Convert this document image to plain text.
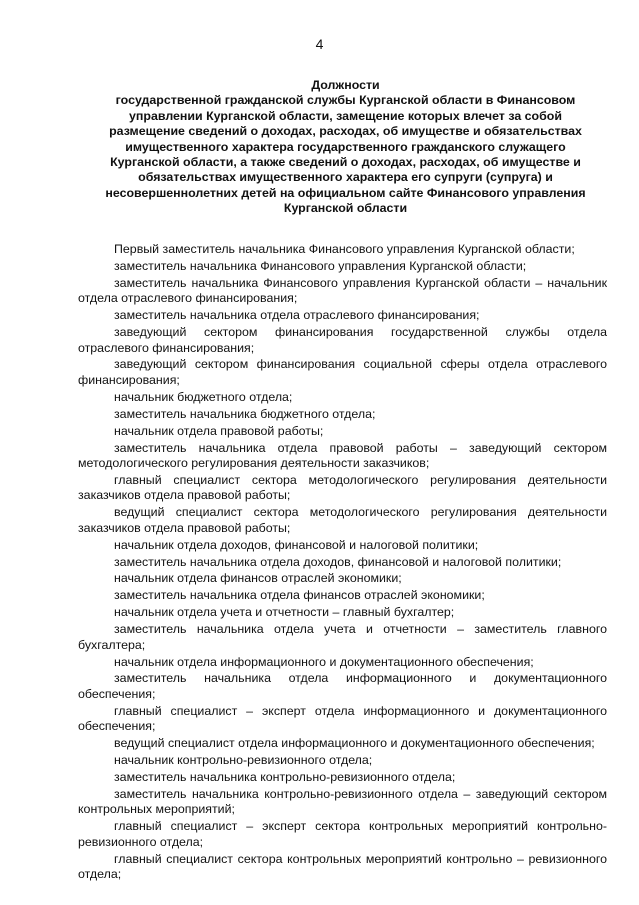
4
Должности
государственной гражданской службы Курганской области в Финансовом
управлении Курганской области, замещение которых влечет за собой
размещение сведений о доходах, расходах, об имуществе и обязательствах
имущественного характера государственного гражданского служащего
Курганской области, а также сведений о доходах, расходах, об имуществе и
обязательствах имущественного характера его супруги (супруга) и
несовершеннолетних детей на официальном сайте Финансового управления
Курганской области

Первый заместитель начальника Финансового управления Курганской области;

заместитель начальника Финансового управления Курганской области;

заместитель начальника Финансового управления Курганской области – начальник отдела отраслевого финансирования;

заместитель начальника отдела отраслевого финансирования;

заведующий сектором финансирования государственной службы отдела отраслевого финансирования;

заведующий сектором финансирования социальной сферы отдела отраслевого финансирования;

начальник бюджетного отдела;

заместитель начальника бюджетного отдела;

начальник отдела правовой работы;

заместитель начальника отдела правовой работы – заведующий сектором методологического регулирования деятельности заказчиков;

главный специалист сектора методологического регулирования деятельности заказчиков отдела правовой работы;

ведущий специалист сектора методологического регулирования деятельности заказчиков отдела правовой работы;

начальник отдела доходов, финансовой и налоговой политики;

заместитель начальника отдела доходов, финансовой и налоговой политики;

начальник отдела финансов отраслей экономики;

заместитель начальника отдела финансов отраслей экономики;

начальник отдела учета и отчетности – главный бухгалтер;

заместитель начальника отдела учета и отчетности – заместитель главного бухгалтера;

начальник отдела информационного и документационного обеспечения;

заместитель начальника отдела информационного и документационного обеспечения;

главный специалист – эксперт отдела информационного и документационного обеспечения;

ведущий специалист отдела информационного и документационного обеспечения;

начальник контрольно-ревизионного отдела;

заместитель начальника контрольно-ревизионного отдела;

заместитель начальника контрольно-ревизионного отдела – заведующий сектором контрольных мероприятий;

главный специалист – эксперт сектора контрольных мероприятий контрольно-ревизионного отдела;

главный специалист сектора контрольных мероприятий контрольно – ревизионного отдела;
